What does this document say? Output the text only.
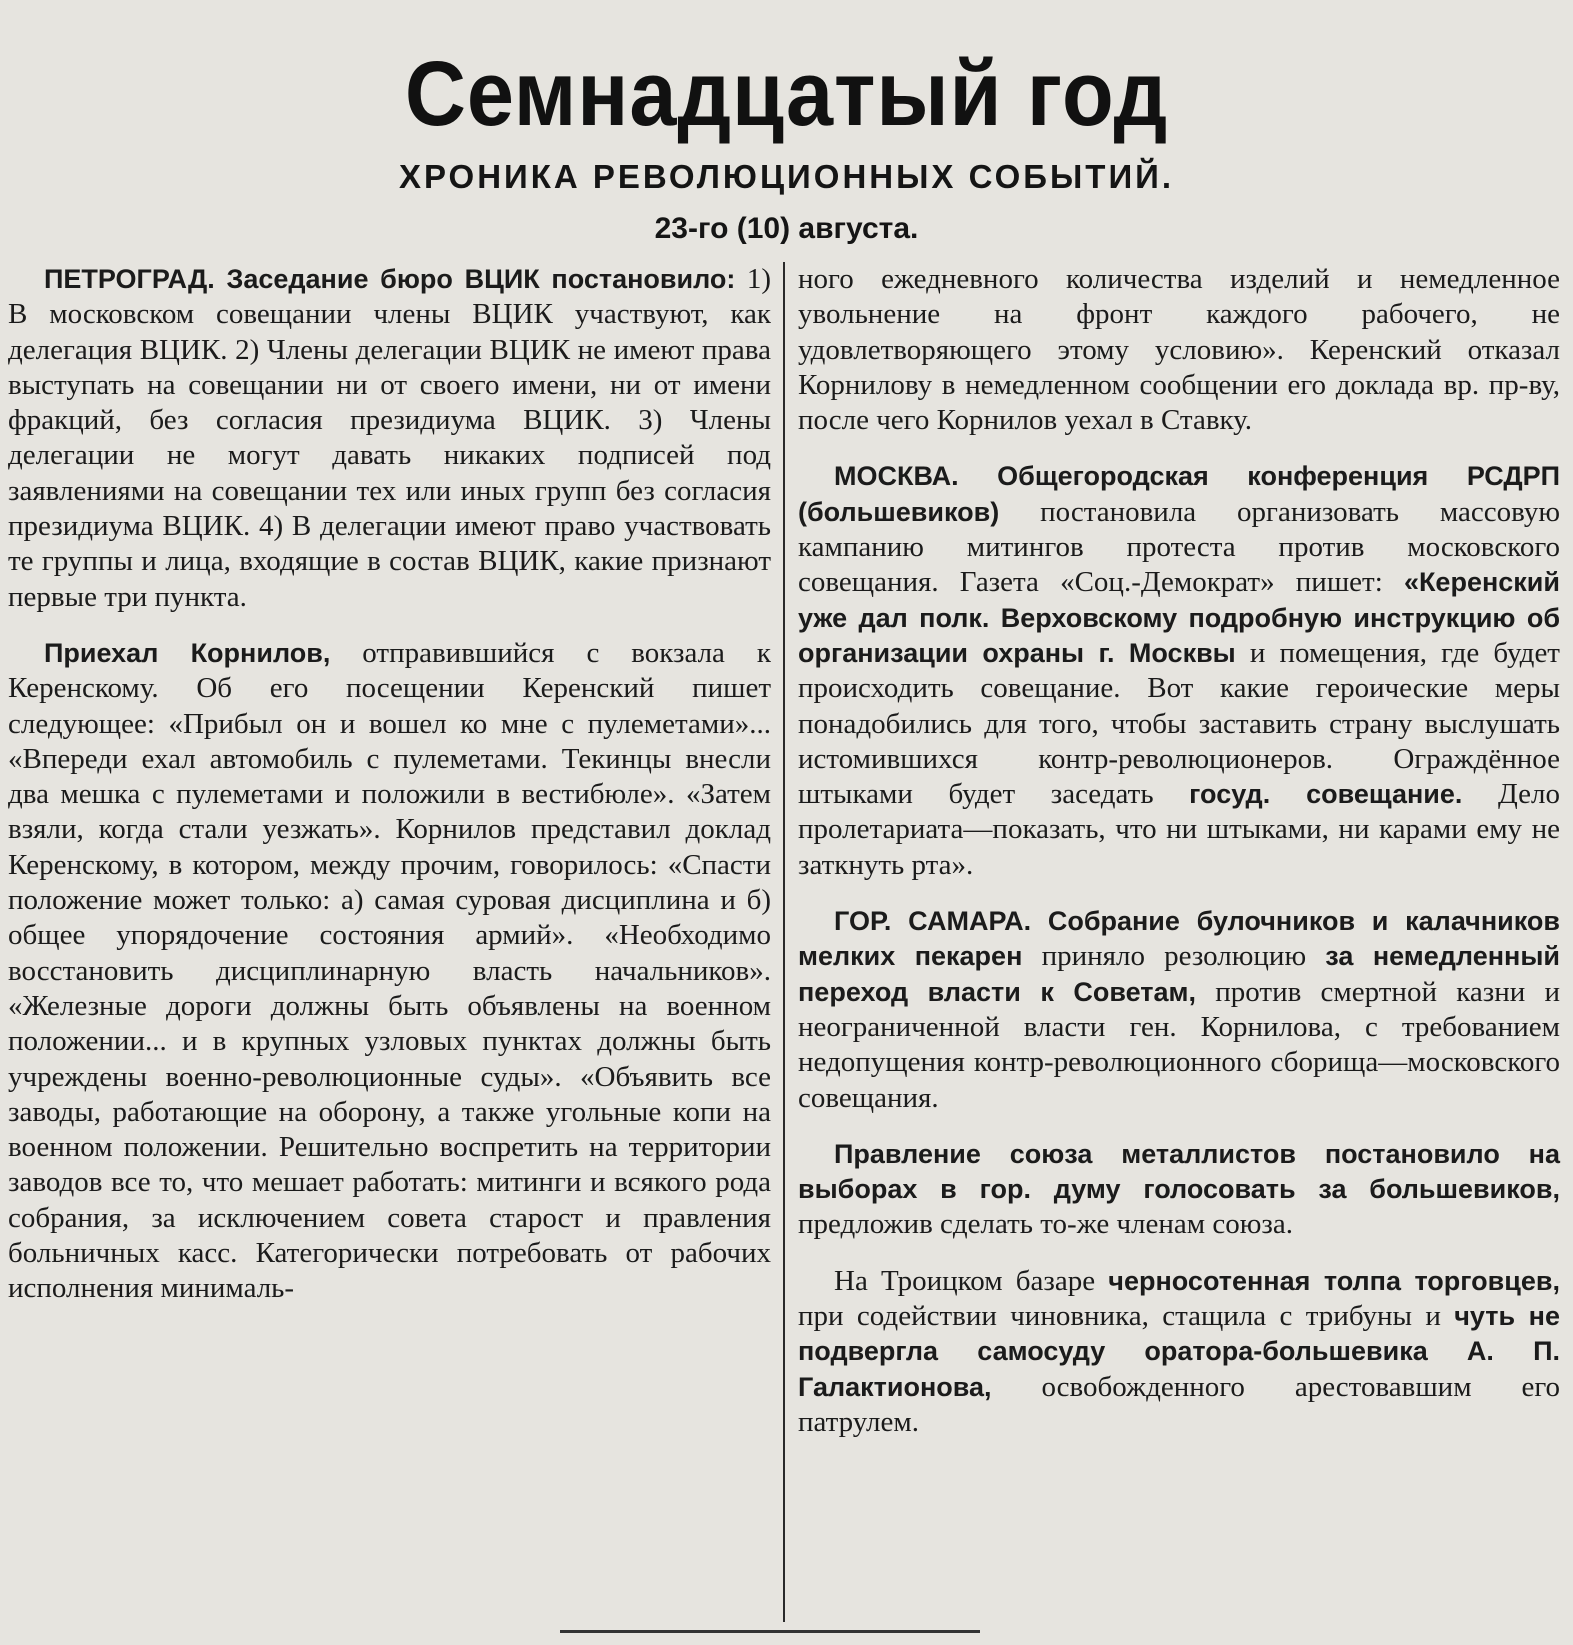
Семнадцатый год
ХРОНИКА РЕВОЛЮЦИОННЫХ СОБЫТИЙ.
23-го (10) августа.

ПЕТРОГРАД. Заседание бюро ВЦИК постановило: 1) В московском совещании члены ВЦИК участвуют, как делегация ВЦИК. 2) Члены делегации ВЦИК не имеют права выступать на совещании ни от своего имени, ни от имени фракций, без согласия президиума ВЦИК. 3) Члены делегации не могут давать никаких подписей под заявлениями на совещании тех или иных групп без согласия президиума ВЦИК. 4) В делегации имеют право участвовать те группы и лица, входящие в состав ВЦИК, какие признают первые три пункта.

Приехал Корнилов, отправившийся с вокзала к Керенскому. Об его посещении Керенский пишет следующее: «Прибыл он и вошел ко мне с пулеметами»... «Впереди ехал автомобиль с пулеметами. Текинцы внесли два мешка с пулеметами и положили в вестибюле». «Затем взяли, когда стали уезжать». Корнилов представил доклад Керенскому, в котором, между прочим, говорилось: «Спасти положение может только: а) самая суровая дисциплина и б) общее упорядочение состояния армий». «Необходимо восстановить дисциплинарную власть начальников». «Железные дороги должны быть объявлены на военном положении... и в крупных узловых пунктах должны быть учреждены военно-революционные суды». «Объявить все заводы, работающие на оборону, а также угольные копи на военном положении. Решительно воспретить на территории заводов все то, что мешает работать: митинги и всякого рода собрания, за исключением совета старост и правления больничных касс. Категорически потребовать от рабочих исполнения минималь-

ного ежедневного количества изделий и немедленное увольнение на фронт каждого рабочего, не удовлетворяющего этому условию». Керенский отказал Корнилову в немедленном сообщении его доклада вр. пр-ву, после чего Корнилов уехал в Ставку.

МОСКВА. Общегородская конференция РСДРП (большевиков) постановила организовать массовую кампанию митингов протеста против московского совещания. Газета «Соц.-Демократ» пишет: «Керенский уже дал полк. Верховскому подробную инструкцию об организации охраны г. Москвы и помещения, где будет происходить совещание. Вот какие героические меры понадобились для того, чтобы заставить страну выслушать истомившихся контр-революционеров. Ограждённое штыками будет заседать госуд. совещание. Дело пролетариата—показать, что ни штыками, ни карами ему не заткнуть рта».

ГОР. САМАРА. Собрание булочников и калачников мелких пекарен приняло резолюцию за немедленный переход власти к Советам, против смертной казни и неограниченной власти ген. Корнилова, с требованием недопущения контр-революционного сборища—московского совещания.

Правление союза металлистов постановило на выборах в гор. думу голосовать за большевиков, предложив сделать то-же членам союза.

На Троицком базаре черносотенная толпа торговцев, при содействии чиновника, стащила с трибуны и чуть не подвергла самосуду оратора-большевика А. П. Галактионова, освобожденного арестовавшим его патрулем.
